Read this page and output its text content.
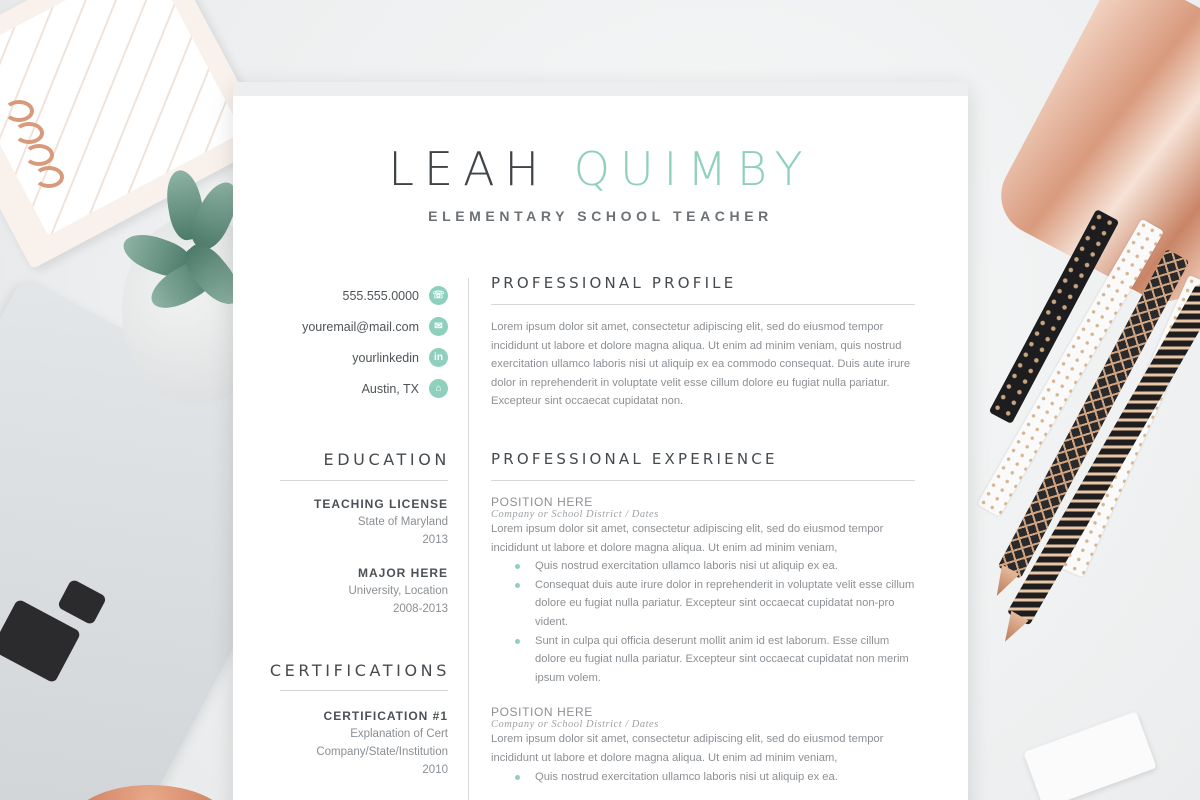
LEAH QUIMBY
ELEMENTARY SCHOOL TEACHER
555.555.0000	☏
youremail@mail.com	✉
yourlinkedin	in
Austin, TX	⌂
EDUCATION
TEACHING LICENSE
State of Maryland
2013
MAJOR HERE
University, Location
2008-2013
CERTIFICATIONS
CERTIFICATION #1
Explanation of Cert
Company/State/Institution
2010
PROFESSIONAL PROFILE
Lorem ipsum dolor sit amet, consectetur adipiscing elit, sed do eiusmod tempor incididunt ut labore et dolore magna aliqua. Ut enim ad minim veniam, quis nostrud exercitation ullamco laboris nisi ut aliquip ex ea commodo consequat. Duis aute irure dolor in reprehenderit in voluptate velit esse cillum dolore eu fugiat nulla pariatur. Excepteur sint occaecat cupidatat non.
PROFESSIONAL EXPERIENCE
POSITION HERE
Company or School District / Dates
Lorem ipsum dolor sit amet, consectetur adipiscing elit, sed do eiusmod tempor incididunt ut labore et dolore magna aliqua. Ut enim ad minim veniam,
Quis nostrud exercitation ullamco laboris nisi ut aliquip ex ea.
Consequat duis aute irure dolor in reprehenderit in voluptate velit esse cillum dolore eu fugiat nulla pariatur. Excepteur sint occaecat cupidatat non-pro vident.
Sunt in culpa qui officia deserunt mollit anim id est laborum. Esse cillum dolore eu fugiat nulla pariatur. Excepteur sint occaecat cupidatat non merim ipsum volem.
POSITION HERE
Company or School District / Dates
Lorem ipsum dolor sit amet, consectetur adipiscing elit, sed do eiusmod tempor incididunt ut labore et dolore magna aliqua. Ut enim ad minim veniam,
Quis nostrud exercitation ullamco laboris nisi ut aliquip ex ea.
